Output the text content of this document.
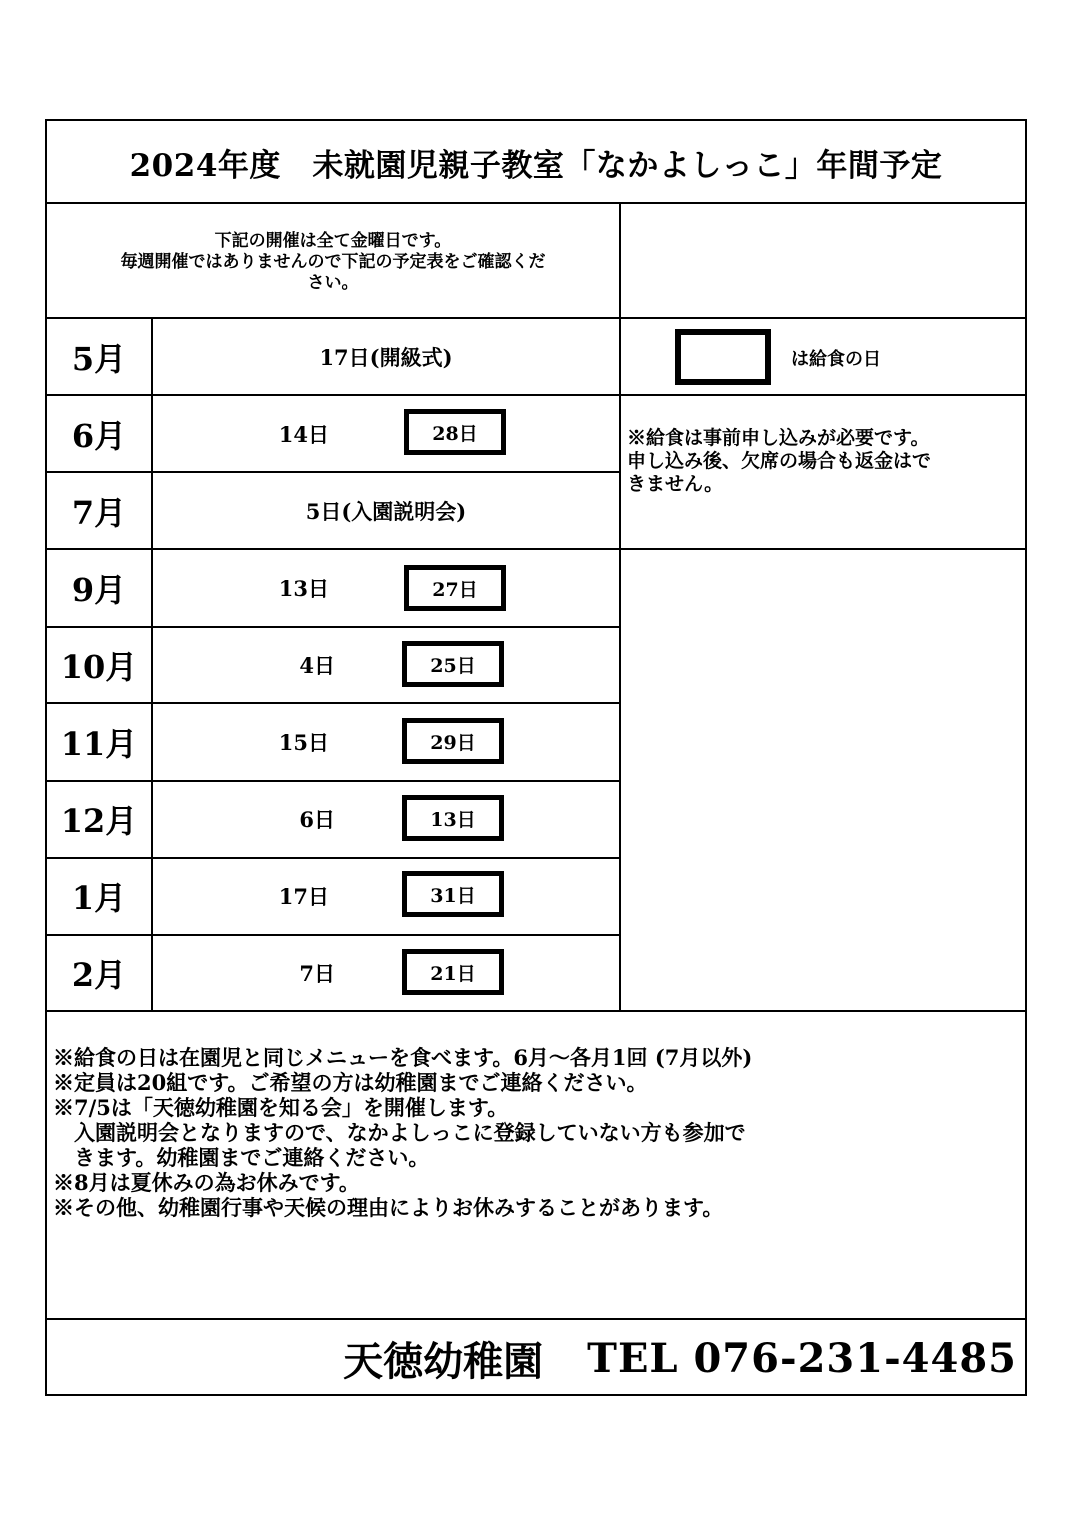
2024年度　未就園児親子教室「なかよしっこ」年間予定
下記の開催は全て金曜日です。
毎週開催ではありませんので下記の予定表をご確認くだ
さい。
は給食の日
※給食は事前申し込みが必要です。
申し込み後、欠席の場合も返金はで
きません。
5月	17日(開級式)
6月	14日	28日
7月	5日(入園説明会)
9月	13日	27日
10月	4日	25日
11月	15日	29日
12月	6日	13日
1月	17日	31日
2月	7日	21日
※給食の日は在園児と同じメニューを食べます。6月～各月1回 (7月以外)
※定員は20組です。ご希望の方は幼稚園までご連絡ください。
※7/5は「天徳幼稚園を知る会」を開催します。
　入園説明会となりますので、なかよしっこに登録していない方も参加で
　きます。幼稚園までご連絡ください。
※8月は夏休みの為お休みです。
※その他、幼稚園行事や天候の理由によりお休みすることがあります。
天徳幼稚園 TEL 076-231-4485
